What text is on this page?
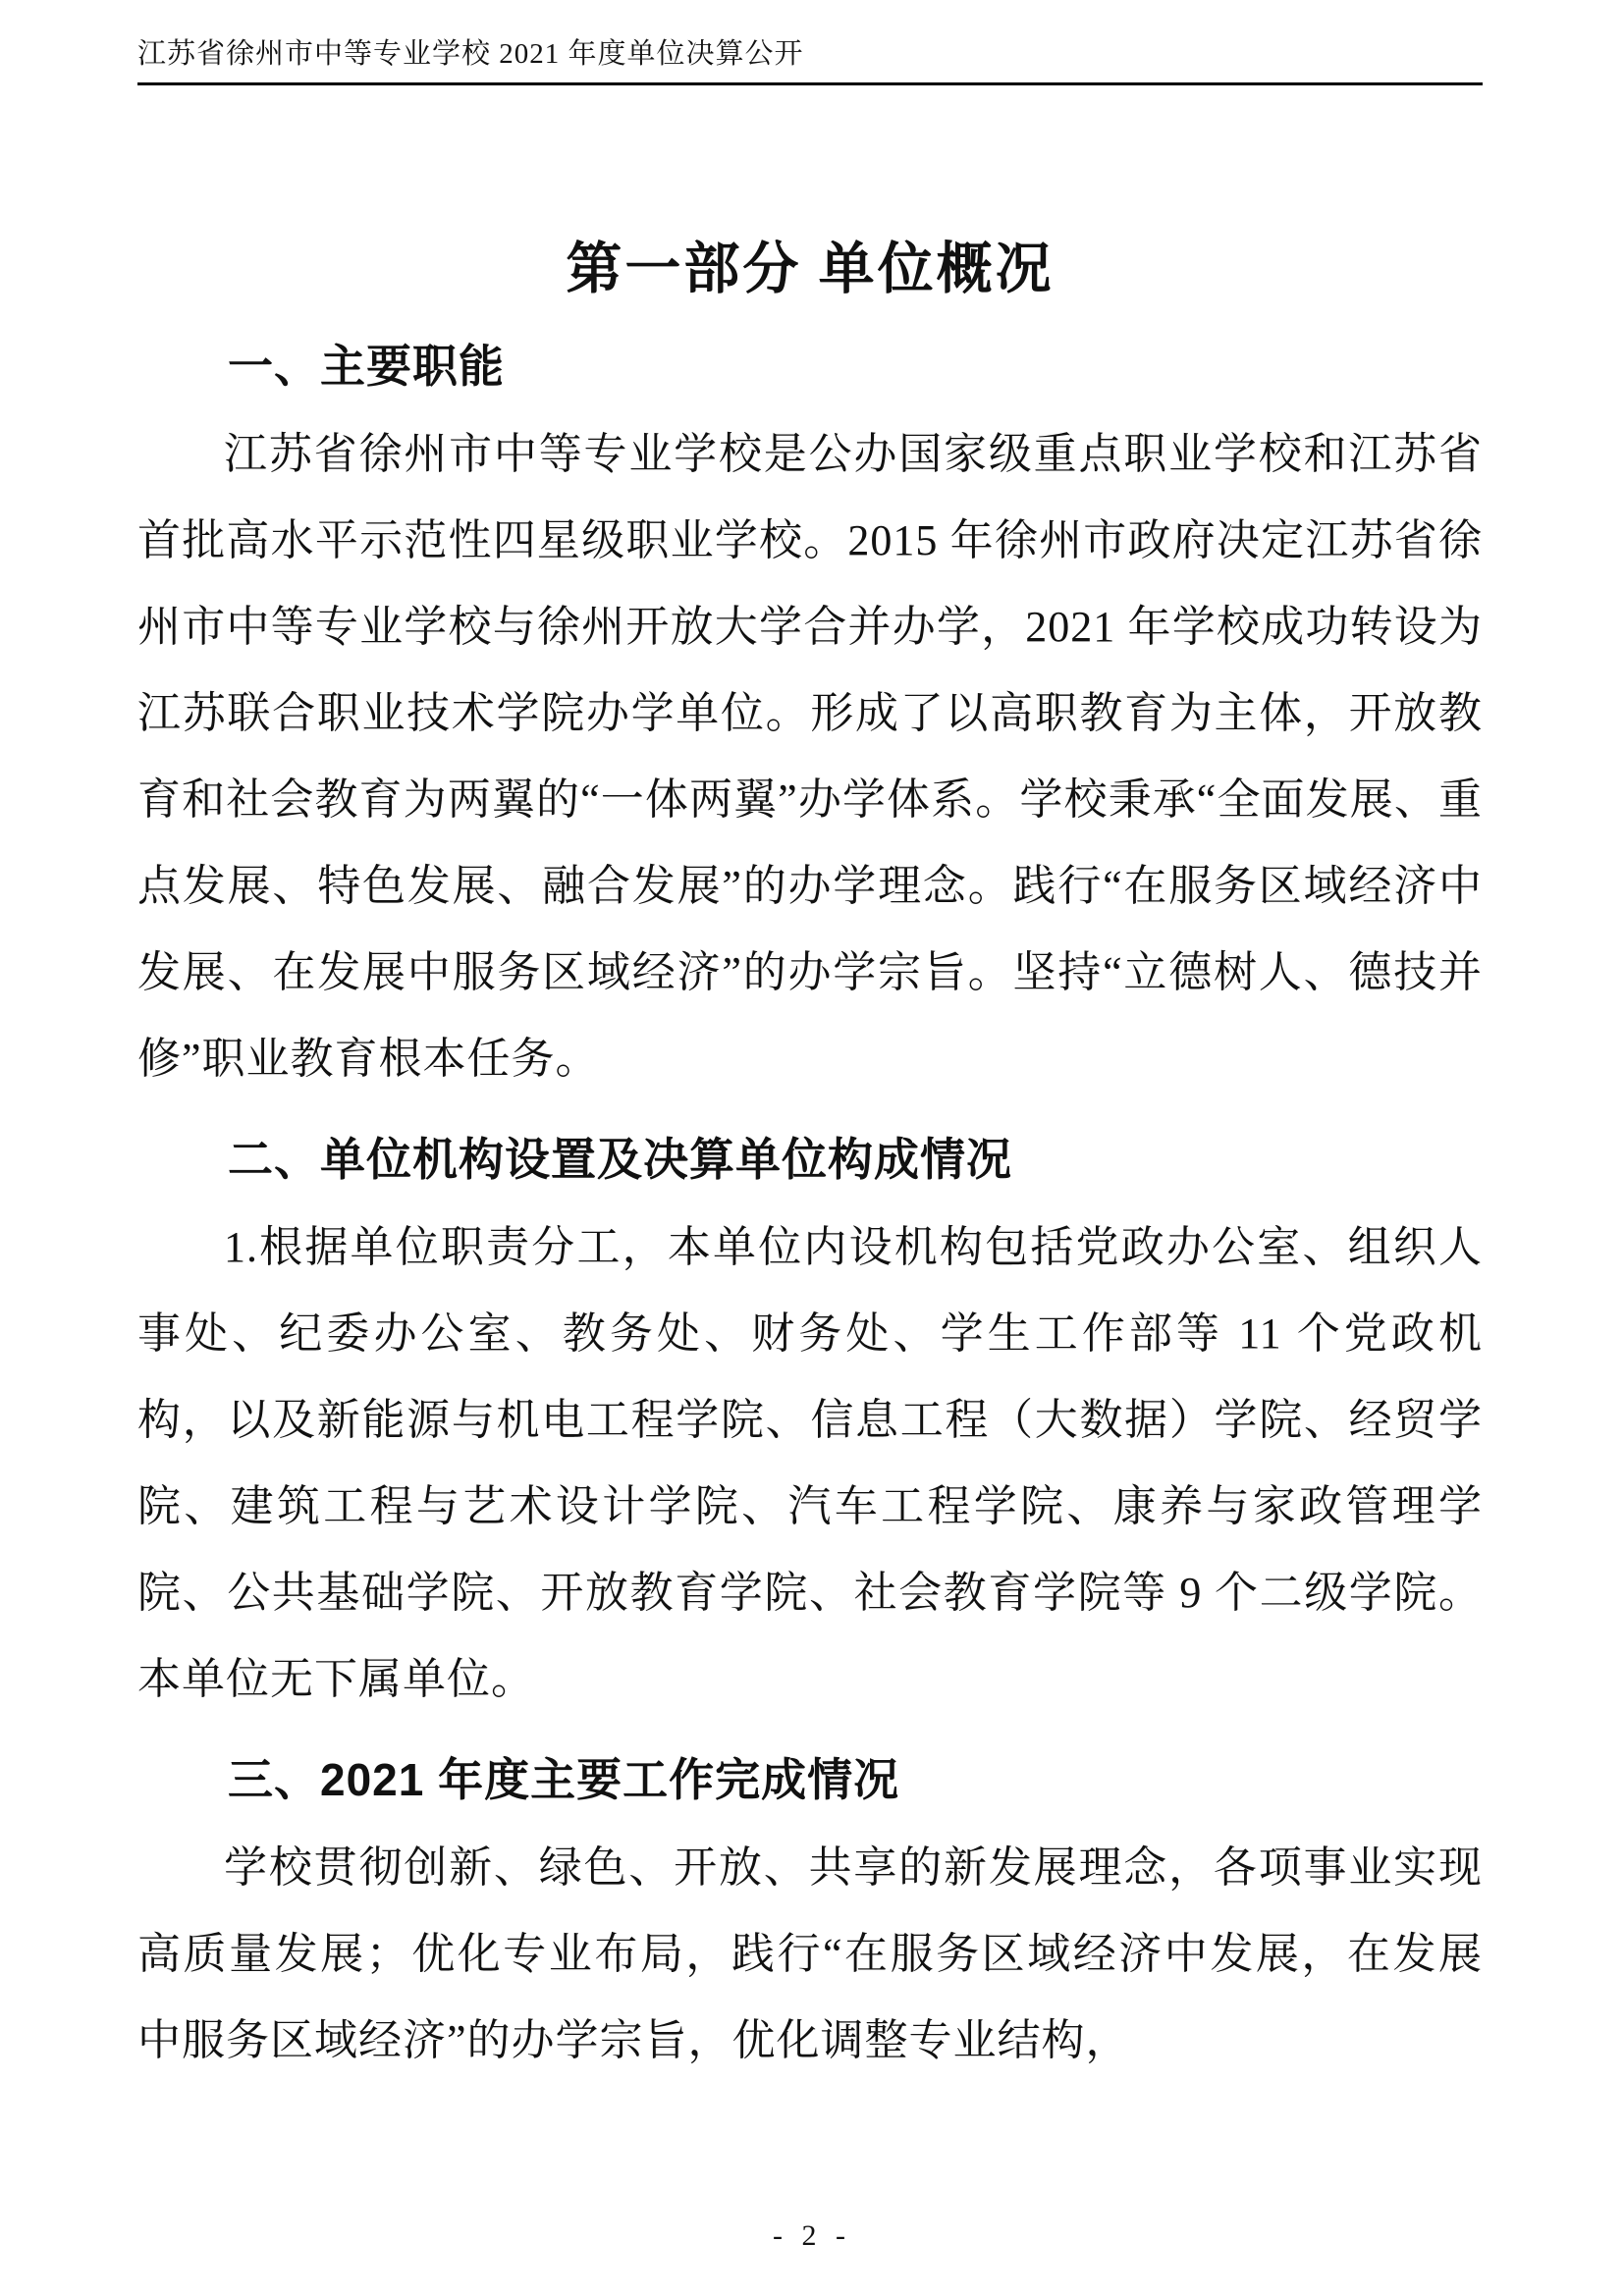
江苏省徐州市中等专业学校 2021 年度单位决算公开
第一部分 单位概况
一、主要职能

江苏省徐州市中等专业学校是公办国家级重点职业学校和江苏省首批高水平示范性四星级职业学校。2015 年徐州市政府决定江苏省徐州市中等专业学校与徐州开放大学合并办学，2021 年学校成功转设为江苏联合职业技术学院办学单位。形成了以高职教育为主体，开放教育和社会教育为两翼的“一体两翼”办学体系。学校秉承“全面发展、重点发展、特色发展、融合发展”的办学理念。践行“在服务区域经济中发展、在发展中服务区域经济”的办学宗旨。坚持“立德树人、德技并修”职业教育根本任务。

二、单位机构设置及决算单位构成情况

1.根据单位职责分工，本单位内设机构包括党政办公室、组织人事处、纪委办公室、教务处、财务处、学生工作部等 11 个党政机构，以及新能源与机电工程学院、信息工程（大数据）学院、经贸学院、建筑工程与艺术设计学院、汽车工程学院、康养与家政管理学院、公共基础学院、开放教育学院、社会教育学院等 9 个二级学院。本单位无下属单位。

三、2021 年度主要工作完成情况

学校贯彻创新、绿色、开放、共享的新发展理念，各项事业实现高质量发展；优化专业布局，践行“在服务区域经济中发展，在发展中服务区域经济”的办学宗旨，优化调整专业结构，

- 2 -
